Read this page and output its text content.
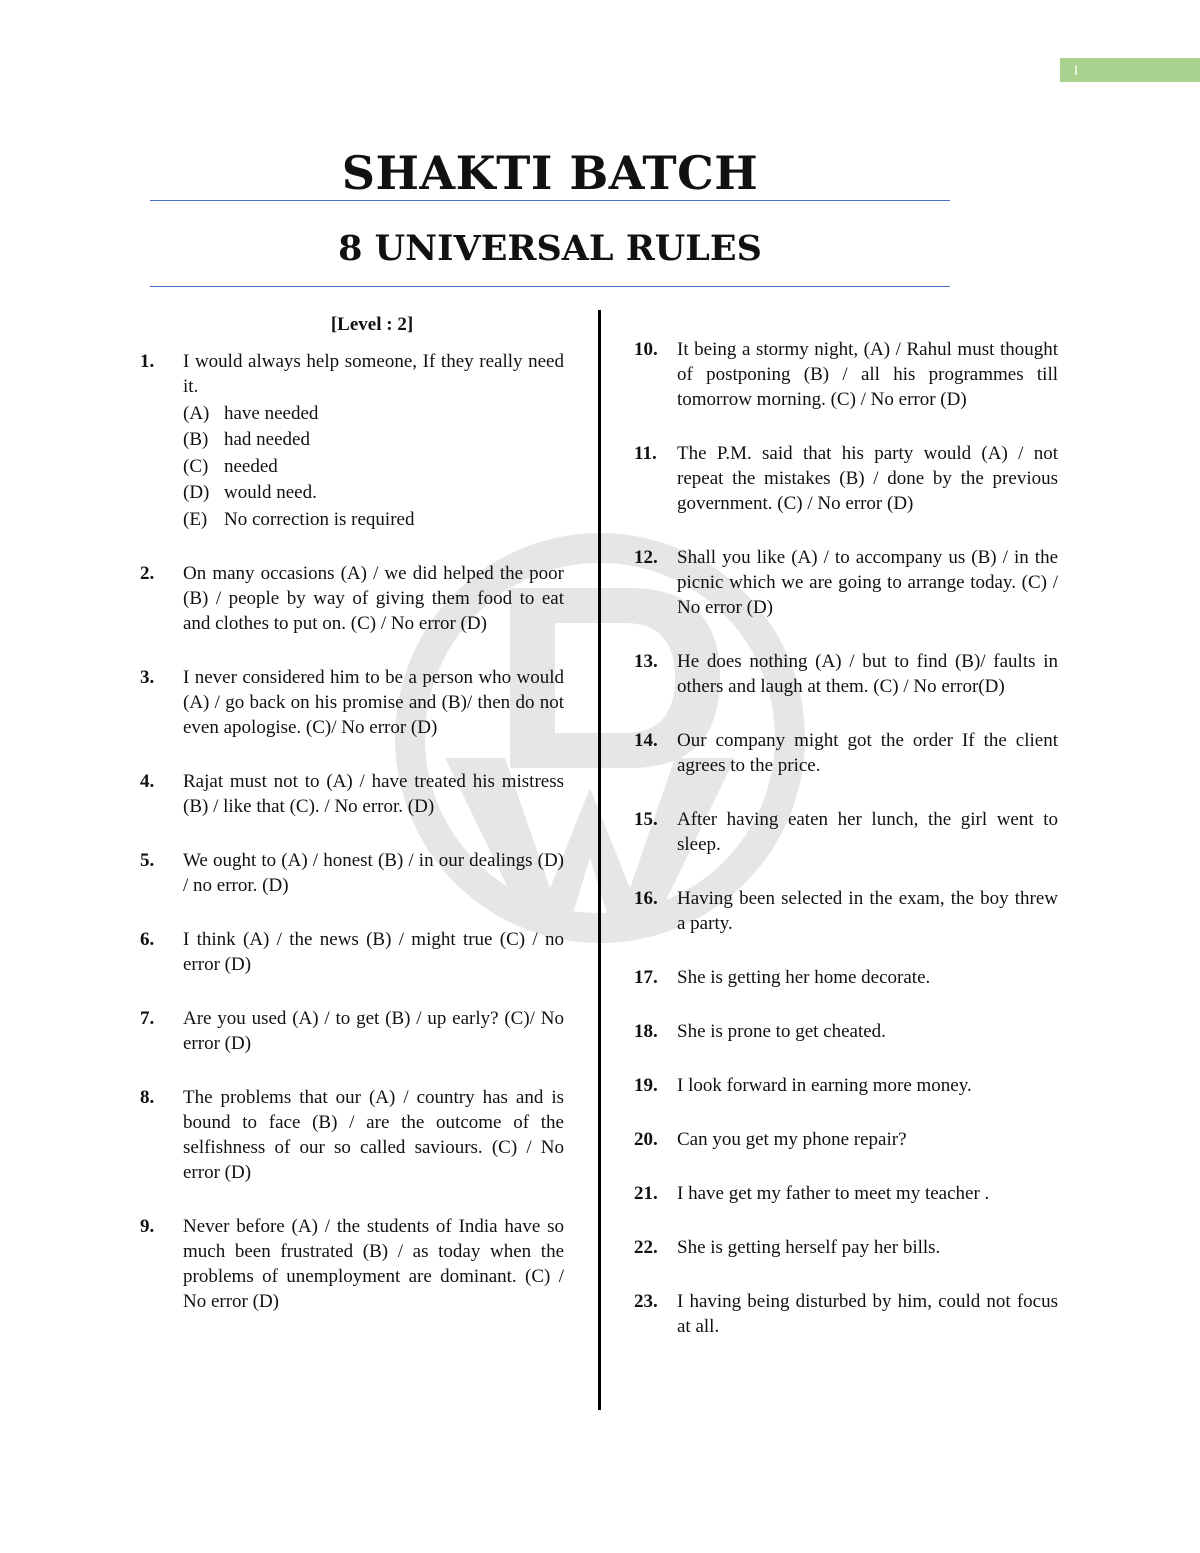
I
SHAKTI BATCH
8 UNIVERSAL RULES
[Level : 2]
1.	I would always help someone, If they really need it.
(A) have needed
(B) had needed
(C) needed
(D) would need.
(E) No correction is required
2.	On many occasions (A) / we did helped the poor (B) / people by way of giving them food to eat and clothes to put on. (C) / No error (D)
3.	I never considered him to be a person who would (A) / go back on his promise and (B)/ then do not even apologise. (C)/ No error (D)
4.	Rajat must not to (A) / have treated his mistress (B) / like that (C). / No error. (D)
5.	We ought to (A) / honest (B) / in our dealings (D) / no error. (D)
6.	I think (A) / the news (B) / might true (C) / no error (D)
7.	Are you used (A) / to get (B) / up early? (C)/ No error (D)
8.	The problems that our (A) / country has and is bound to face (B) / are the outcome of the selfishness of our so called saviours. (C) / No error (D)
9.	Never before (A) / the students of India have so much been frustrated (B) / as today when the problems of unemployment are dominant. (C) / No error (D)
10.	It being a stormy night, (A) / Rahul must thought of postponing (B) / all his programmes till tomorrow morning. (C) / No error (D)
11.	The P.M. said that his party would (A) / not repeat the mistakes (B) / done by the previous government. (C) / No error (D)
12.	Shall you like (A) / to accompany us (B) / in the picnic which we are going to arrange today. (C) / No error (D)
13.	He does nothing (A) / but to find (B)/ faults in others and laugh at them. (C) / No error(D)
14.	Our company might got the order If the client agrees to the price.
15.	After having eaten her lunch, the girl went to sleep.
16.	Having been selected in the exam, the boy threw a party.
17.	She is getting her home decorate.
18.	She is prone to get cheated.
19.	I look forward in earning more money.
20.	Can you get my phone repair?
21.	I have get my father to meet my teacher .
22.	She is getting herself pay her bills.
23.	I having being disturbed by him, could not focus at all.
